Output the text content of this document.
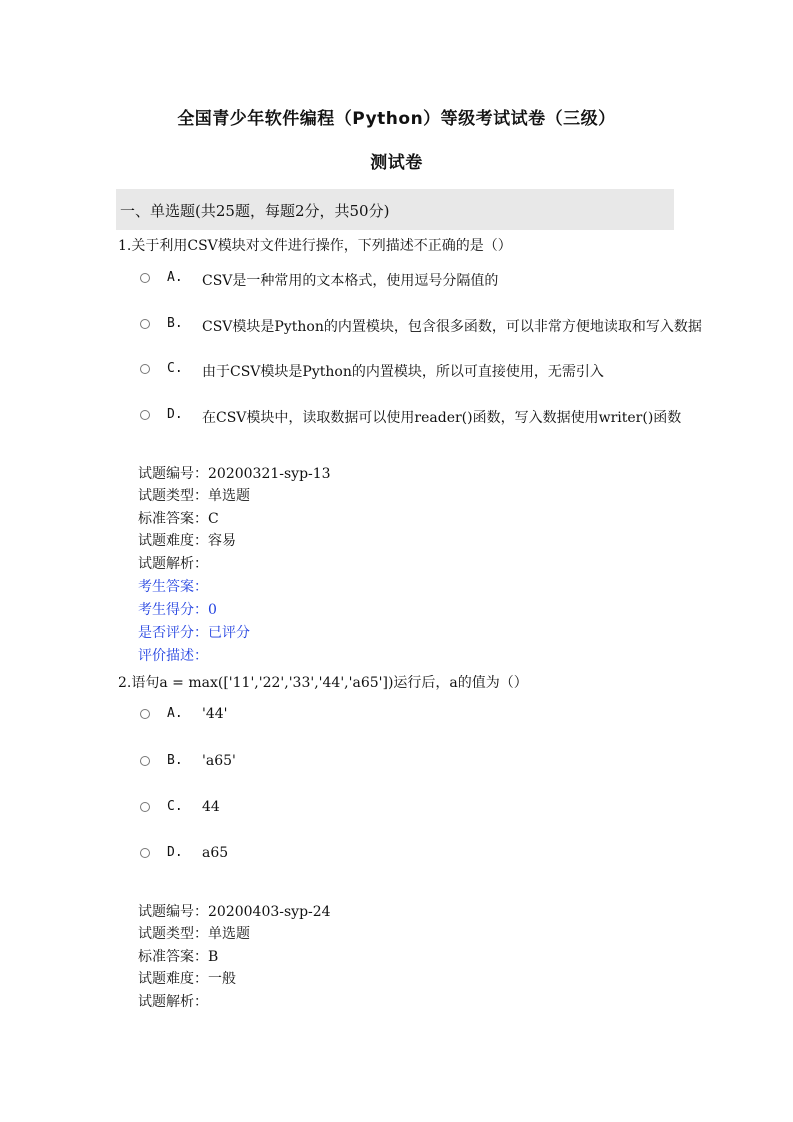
全国青少年软件编程（Python）等级考试试卷（三级）
测试卷
一、单选题(共25题，每题2分，共50分)
1.关于利用CSV模块对文件进行操作，下列描述不正确的是（）
A. CSV是一种常用的文本格式，使用逗号分隔值的
B. CSV模块是Python的内置模块，包含很多函数，可以非常方便地读取和写入数据
C. 由于CSV模块是Python的内置模块，所以可直接使用，无需引入
D. 在CSV模块中，读取数据可以使用reader()函数，写入数据使用writer()函数
试题编号：20200321-syp-13
试题类型：单选题
标准答案：C
试题难度：容易
试题解析：
考生答案：
考生得分：0
是否评分：已评分
评价描述：
2.语句a = max(['11','22','33','44','a65'])运行后，a的值为（）
A. '44'
B. 'a65'
C. 44
D. a65
试题编号：20200403-syp-24
试题类型：单选题
标准答案：B
试题难度：一般
试题解析：
